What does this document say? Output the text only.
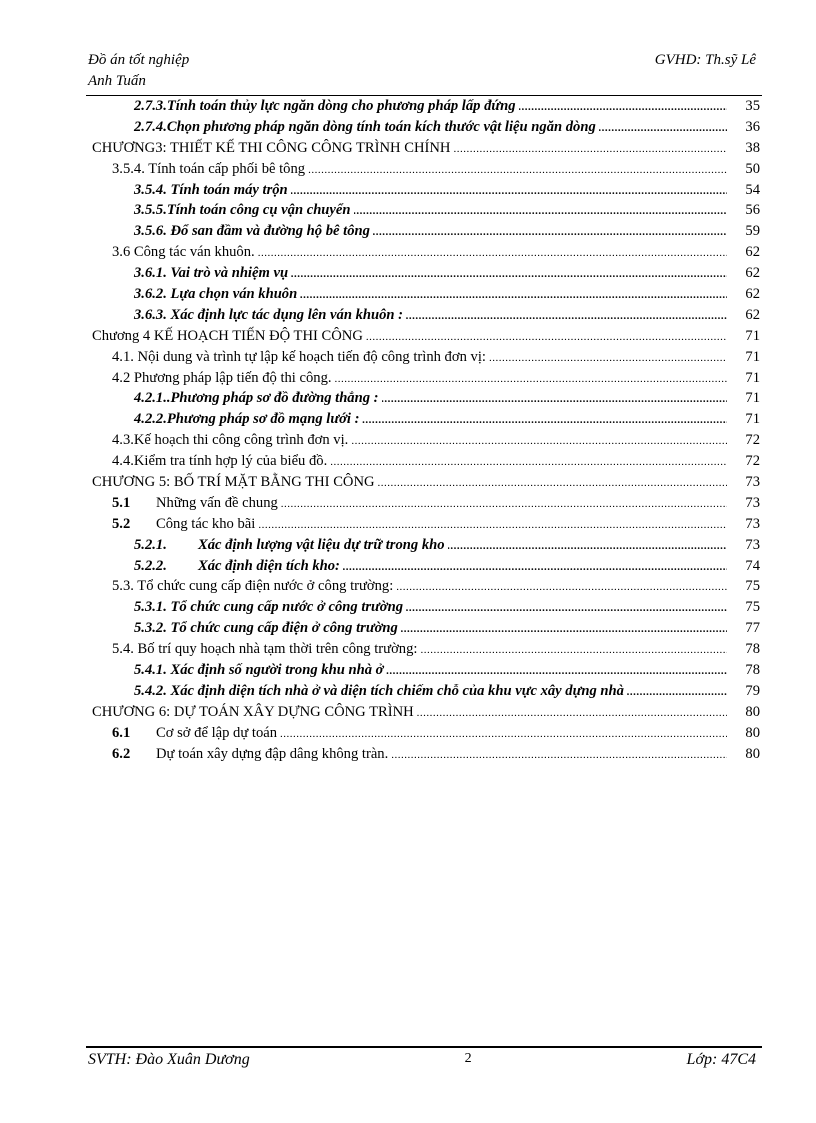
Đồ án tốt nghiệp	GVHD: Th.sỹ Lê
Anh Tuấn
2.7.3.Tính toán thủy lực ngăn dòng cho phương pháp lấp đứng .....	35
2.7.4.Chọn phương pháp ngăn dòng tính toán kích thước vật liệu ngăn dòng .....	36
CHƯƠNG3: THIẾT KẾ THI CÔNG CÔNG TRÌNH CHÍNH .....	38
3.5.4. Tính toán cấp phối bê tông .....	50
3.5.4. Tính toán máy trộn .....	54
3.5.5.Tính toán công cụ vận chuyển .....	56
3.5.6. Đổ san đầm và đường hộ bê tông .....	59
3.6 Công tác ván khuôn. .....	62
3.6.1. Vai trò và nhiệm vụ .....	62
3.6.2. Lựa chọn ván khuôn .....	62
3.6.3. Xác định lực tác dụng lên ván khuôn : .....	62
Chương 4 KẾ HOẠCH TIẾN ĐỘ THI CÔNG .....	71
4.1. Nội dung và trình tự lập kế hoạch tiến độ công trình đơn vị: .....	71
4.2 Phương pháp lập tiến độ thi công. .....	71
4.2.1..Phương pháp sơ đồ đường thẳng : .....	71
4.2.2.Phương pháp sơ đồ mạng lưới : .....	71
4.3.Kế hoạch thi công công trình đơn vị. .....	72
4.4.Kiểm tra tính hợp lý của biểu đồ. .....	72
CHƯƠNG 5: BỐ TRÍ MẶT BẰNG THI CÔNG .....	73
5.1 Những vấn đề chung .....	73
5.2 Công tác kho bãi .....	73
5.2.1. Xác định lượng vật liệu dự trữ trong kho .....	73
5.2.2. Xác định diện tích kho: .....	74
5.3. Tổ chức cung cấp điện nước ở công trường: .....	75
5.3.1. Tổ chức cung cấp nước ở công trường .....	75
5.3.2. Tổ chức cung cấp điện ở công trường .....	77
5.4. Bố trí quy hoạch nhà tạm thời trên công trường: .....	78
5.4.1. Xác định số người trong khu nhà ở .....	78
5.4.2. Xác định diện tích nhà ở và diện tích chiếm chỗ của khu vực xây dựng nhà .....	79
CHƯƠNG 6: DỰ TOÁN XÂY DỰNG CÔNG TRÌNH .....	80
6.1 Cơ sở để lập dự toán .....	80
6.2 Dự toán xây dựng đập dâng không tràn. .....	80
SVTH: Đào Xuân Dương	2	Lớp: 47C4
